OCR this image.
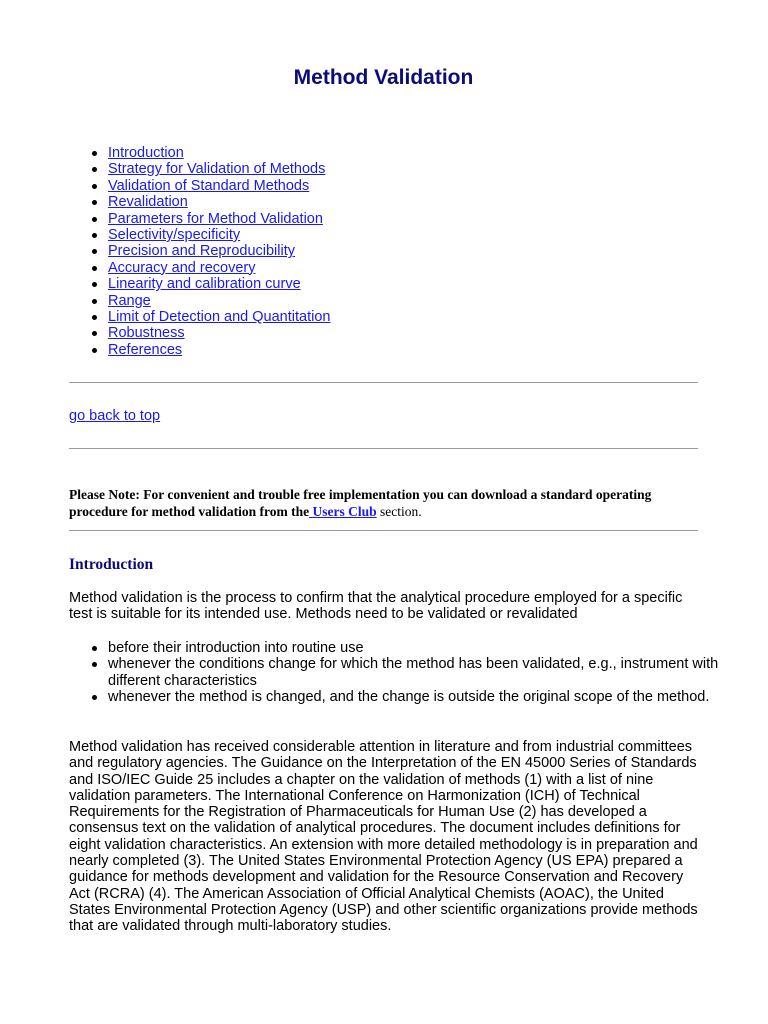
Method Validation
Introduction
Strategy for Validation of Methods
Validation of Standard Methods
Revalidation
Parameters for Method Validation
Selectivity/specificity
Precision and Reproducibility
Accuracy and recovery
Linearity and calibration curve
Range
Limit of Detection and Quantitation
Robustness
References
go back to top

Please Note: For convenient and trouble free implementation you can download a standard operating procedure for method validation from the Users Club section.

Introduction

Method validation is the process to confirm that the analytical procedure employed for a specific test is suitable for its intended use. Methods need to be validated or revalidated

before their introduction into routine use
whenever the conditions change for which the method has been validated, e.g., instrument with different characteristics
whenever the method is changed, and the change is outside the original scope of the method.

Method validation has received considerable attention in literature and from industrial committees and regulatory agencies. The Guidance on the Interpretation of the EN 45000 Series of Standards and ISO/IEC Guide 25 includes a chapter on the validation of methods (1) with a list of nine validation parameters. The International Conference on Harmonization (ICH) of Technical Requirements for the Registration of Pharmaceuticals for Human Use (2) has developed a consensus text on the validation of analytical procedures. The document includes definitions for eight validation characteristics. An extension with more detailed methodology is in preparation and nearly completed (3). The United States Environmental Protection Agency (US EPA) prepared a guidance for methods development and validation for the Resource Conservation and Recovery Act (RCRA) (4). The American Association of Official Analytical Chemists (AOAC), the United States Environmental Protection Agency (USP) and other scientific organizations provide methods that are validated through multi-laboratory studies.
